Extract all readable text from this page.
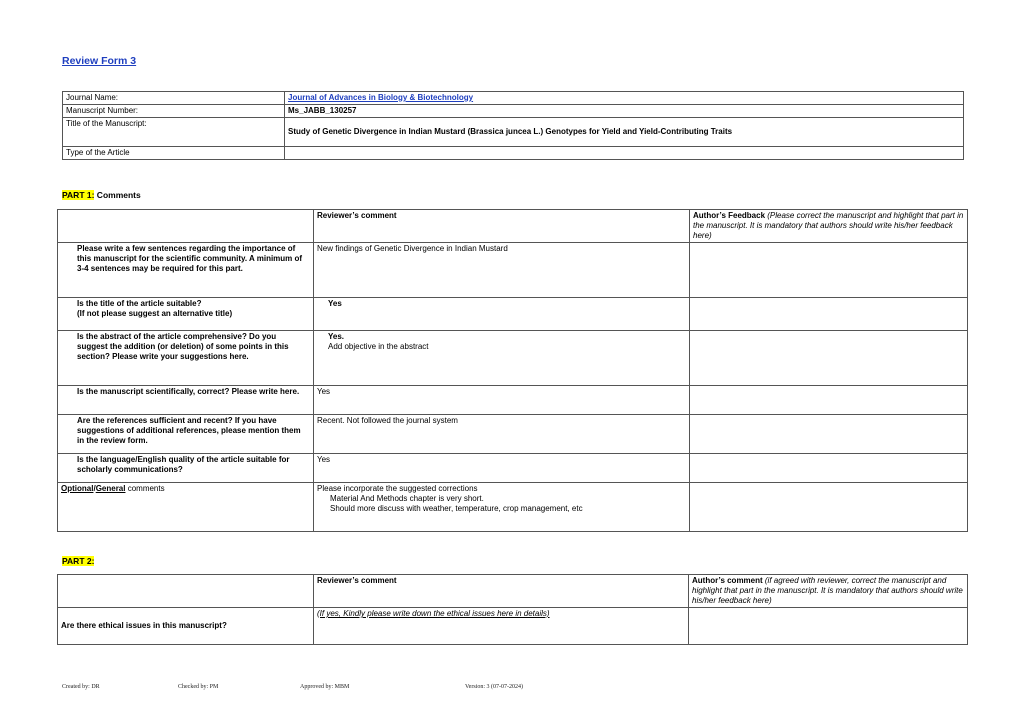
Review Form 3
Journal Name:	Journal of Advances in Biology & Biotechnology
Manuscript Number:	Ms_JABB_130257
Title of the Manuscript:	Study of Genetic Divergence in Indian Mustard (Brassica juncea L.) Genotypes for Yield and Yield-Contributing Traits
Type of the Article	
PART 1: Comments
	Reviewer’s comment	Author’s Feedback (Please correct the manuscript and highlight that part in the manuscript. It is mandatory that authors should write his/her feedback here)
Please write a few sentences regarding the importance of this manuscript for the scientific community. A minimum of 3-4 sentences may be required for this part.	New findings of Genetic Divergence in Indian Mustard	
Is the title of the article suitable?
(If not please suggest an alternative title)	Yes	
Is the abstract of the article comprehensive? Do you suggest the addition (or deletion) of some points in this section? Please write your suggestions here.	Yes.
Add objective in the abstract	

Is the manuscript scientifically, correct? Please write here.	Yes	
Are the references sufficient and recent? If you have suggestions of additional references, please mention them in the review form.	Recent. Not followed the journal system	
Is the language/English quality of the article suitable for scholarly communications?	Yes	
Optional/General comments	Please incorporate the suggested corrections
Material And Methods chapter is very short.
Should more discuss with weather, temperature, crop management, etc	

PART 2:
	Reviewer’s comment	Author’s comment (if agreed with reviewer, correct the manuscript and highlight that part in the manuscript. It is mandatory that authors should write his/her feedback here)
Are there ethical issues in this manuscript?	(If yes, Kindly please write down the ethical issues here in details)	
Created by: DR	Checked by: PM	Approved by: MBM	Version: 3 (07-07-2024)
